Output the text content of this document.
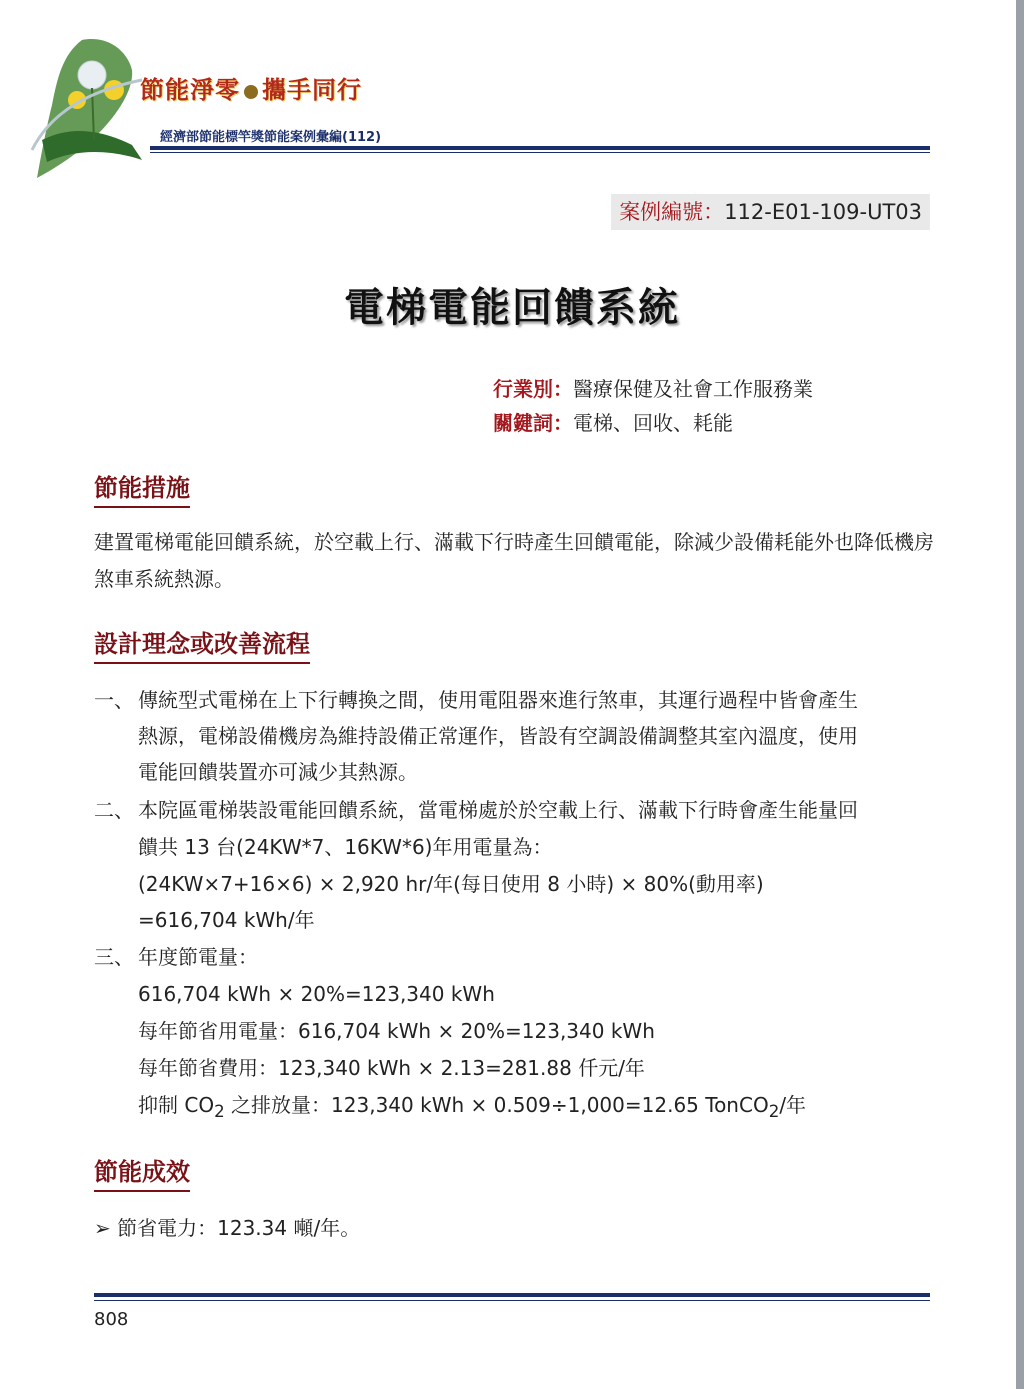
節能淨零 攜手同行
經濟部節能標竿獎節能案例彙編(112)
案例編號：112-E01-109-UT03
電梯電能回饋系統
行業別：醫療保健及社會工作服務業
關鍵詞：電梯、回收、耗能
節能措施
建置電梯電能回饋系統，於空載上行、滿載下行時產生回饋電能，除減少設備耗能外也降低機房煞車系統熱源。
設計理念或改善流程
一、 傳統型式電梯在上下行轉換之間，使用電阻器來進行煞車，其運行過程中皆會產生
熱源，電梯設備機房為維持設備正常運作，皆設有空調設備調整其室內溫度，使用
電能回饋裝置亦可減少其熱源。
二、 本院區電梯裝設電能回饋系統，當電梯處於於空載上行、滿載下行時會產生能量回
饋共 13 台(24KW*7、16KW*6)年用電量為：
(24KW×7+16×6) × 2,920 hr/年(每日使用 8 小時) × 80%(動用率)
=616,704 kWh/年
三、 年度節電量：
616,704 kWh × 20%=123,340 kWh
每年節省用電量：616,704 kWh × 20%=123,340 kWh
每年節省費用：123,340 kWh × 2.13=281.88 仟元/年
抑制 $CO_2$ 之排放量：123,340 kWh × 0.509÷1,000=12.65 TonCO$_2$/年
節能成效
➢ 節省電力：123.34 噸/年。
808
